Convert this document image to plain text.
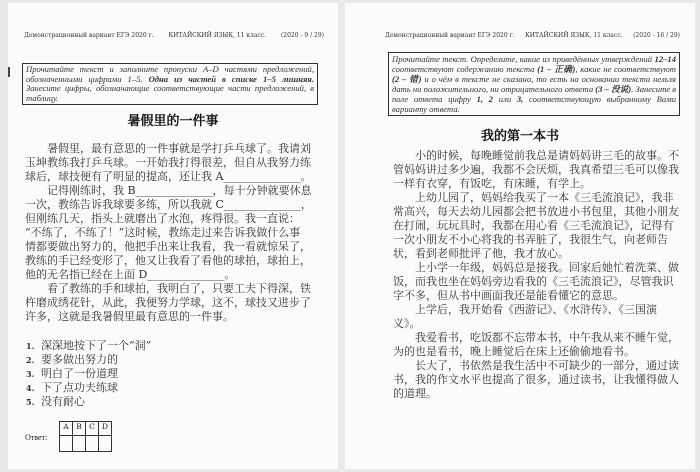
Демонстрационный вариант ЕГЭ 2020 г. КИТАЙСКИЙ ЯЗЫК, 11 класс. (2020 - 9 / 29)
Прочитайте текст и заполните пропуски A–D частями предложений, обозначенными цифрами 1–5. Одна из частей в списке 1–5 лишняя. Занесите цифры, обозначающие соответствующие части предложений, в таблицу.
暑假里的一件事
暑假里，最有意思的一件事就是学打乒乓球了。我请刘
玉坤教练我打乒乓球。一开始我打得很差，但自从我努力练
球后，球技便有了明显的提高，还让我 A______________。
记得刚练时，我 B______________，每十分钟就要休息
一次，教练告诉我球要多练，所以我就 C______________，
但刚练几天，指头上就磨出了水泡，疼得很。我一直说：
“不练了，不练了！”这时候，教练走过来告诉我做什么事
情都要做出努力的，他把手出来让我看，我一看就惊呆了，
教练的手已经变形了，他又让我看了看他的球拍，球拍上，
他的无名指已经在上面 D______________。
看了教练的手和球拍，我明白了，只要工夫下得深，铁
杵磨成绣花针，从此，我便努力学球，这不，球技又进步了
许多，这就是我暑假里最有意思的一件事。
1. 深深地按下了一个“洞”
2. 要多做出努力的
3. 明白了一份道理
4. 下了点功夫练球
5. 没有耐心
Ответ:
A	B	C	D

Демонстрационный вариант ЕГЭ 2020 г. КИТАЙСКИЙ ЯЗЫК, 11 класс. (2020 - 16 / 29)
Прочитайте текст. Определите, какие из приведённых утверждений 12–14 соответствуют содержанию текста (1 – 正确), какие не соответствуют (2 – 错) и о чём в тексте не сказано, то есть на основании текста нельзя дать ни положительного, ни отрицательного ответа (3 – 没说). Занесите в поле ответа цифру 1, 2 или 3, соответствующую выбранному Вами варианту ответа.
我的第一本书
小的时候，每晚睡觉前我总是请妈妈讲三毛的故事。不
管妈妈讲过多少遍，我都不会厌烦，我真希望三毛可以像我
一样有衣穿，有饭吃，有床睡，有学上。
上幼儿园了，妈妈给我买了一本《三毛流浪记》，我非
常高兴，每天去幼儿园都会把书放进小书包里，其他小朋友
在打闹，玩玩具时，我都在用心看《三毛流浪记》，记得有
一次小朋友不小心将我的书弄脏了，我很生气，向老师告
状，看到老师批评了他，我才放心。
上小学一年级，妈妈总是接我。回家后她忙着洗菜、做
饭，而我也坐在妈妈旁边看我的《三毛流浪记》，尽管我识
字不多，但从书中画面我还是能看懂它的意思。
上学后，我开始看《西游记》、《水浒传》、《三国演
义》。
我爱看书，吃饭都不忘带本书，中午我从来不睡午觉，
为的也是看书，晚上睡觉后在床上还偷偷地看书。
长大了，书依然是我生活中不可缺少的一部分，通过读
书，我的作文水平也提高了很多，通过读书，让我懂得做人
的道理。
